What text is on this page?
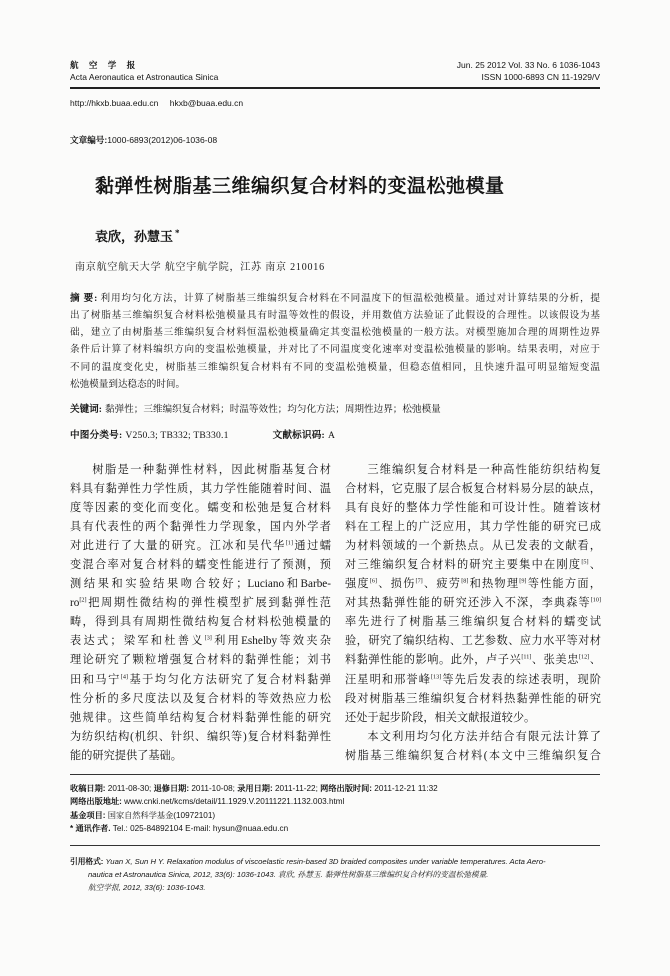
航 空 学 报
Acta Aeronautica et Astronautica Sinica
Jun. 25 2012 Vol. 33 No. 6 1036-1043
ISSN 1000-6893 CN 11-1929/V
http://hkxb.buaa.edu.cn hkxb@buaa.edu.cn
文章编号:1000-6893(2012)06-1036-08
黏弹性树脂基三维编织复合材料的变温松弛模量
袁欣，孙慧玉 *
南京航空航天大学 航空宇航学院，江苏 南京 210016
摘 要: 利用均匀化方法，计算了树脂基三维编织复合材料在不同温度下的恒温松弛模量。通过对计算结果的分析，提
出了树脂基三维编织复合材料松弛模量具有时温等效性的假设，并用数值方法验证了此假设的合理性。以该假设为基
础，建立了由树脂基三维编织复合材料恒温松弛模量确定其变温松弛模量的一般方法。对模型施加合理的周期性边界
条件后计算了材料编织方向的变温松弛模量，并对比了不同温度变化速率对变温松弛模量的影响。结果表明，对应于
不同的温度变化史，树脂基三维编织复合材料有不同的变温松弛模量，但稳态值相同，且快速升温可明显缩短变温
松弛模量到达稳态的时间。
关键词: 黏弹性；三维编织复合材料；时温等效性；均匀化方法；周期性边界；松弛模量
中图分类号: V250.3; TB332; TB330.1	文献标识码: A
树脂是一种黏弹性材料，因此树脂基复合材
料具有黏弹性力学性质，其力学性能随着时间、温
度等因素的变化而变化。蠕变和松弛是复合材料
具有代表性的两个黏弹性力学现象，国内外学者
对此进行了大量的研究。江冰和吴代华[1]通过蠕
变混合率对复合材料的蠕变性能进行了预测，预
测结果和实验结果吻合较好；Luciano和Barbe-
ro[2]把周期性微结构的弹性模型扩展到黏弹性范
畴，得到具有周期性微结构复合材料松弛模量的
表达式；梁军和杜善义[3]利用Eshelby等效夹杂
理论研究了颗粒增强复合材料的黏弹性能；刘书
田和马宁[4]基于均匀化方法研究了复合材料黏弹
性分析的多尺度法以及复合材料的等效热应力松
弛规律。这些简单结构复合材料黏弹性能的研究
为纺织结构(机织、针织、编织等)复合材料黏弹性
能的研究提供了基础。
三维编织复合材料是一种高性能纺织结构复
合材料，它克服了层合板复合材料易分层的缺点，
具有良好的整体力学性能和可设计性。随着该材
料在工程上的广泛应用，其力学性能的研究已成
为材料领域的一个新热点。从已发表的文献看，
对三维编织复合材料的研究主要集中在刚度[5]、
强度[6]、损伤[7]、疲劳[8]和热物理[9]等性能方面，
对其热黏弹性能的研究还涉入不深，李典森等[10]
率先进行了树脂基三维编织复合材料的蠕变试
验，研究了编织结构、工艺参数、应力水平等对材
料黏弹性能的影响。此外，卢子兴[11]、张美忠[12]、
汪星明和邢誉峰[13]等先后发表的综述表明，现阶
段对树脂基三维编织复合材料热黏弹性能的研究
还处于起步阶段，相关文献报道较少。
本文利用均匀化方法并结合有限元法计算了
树脂基三维编织复合材料(本文中三维编织复合
收稿日期: 2011-08-30; 退修日期: 2011-10-08; 录用日期: 2011-11-22; 网络出版时间: 2011-12-21 11:32
网络出版地址: www.cnki.net/kcms/detail/11.1929.V.20111221.1132.003.html
基金项目: 国家自然科学基金(10972101)
* 通讯作者. Tel.: 025-84892104 E-mail: hysun@nuaa.edu.cn
引用格式: Yuan X, Sun H Y. Relaxation modulus of viscoelastic resin-based 3D braided composites under variable temperatures. Acta Aero-
nautica et Astronautica Sinica, 2012, 33(6): 1036-1043. 袁欣, 孙慧玉. 黏弹性树脂基三维编织复合材料的变温松弛模量.
航空学报, 2012, 33(6): 1036-1043.
